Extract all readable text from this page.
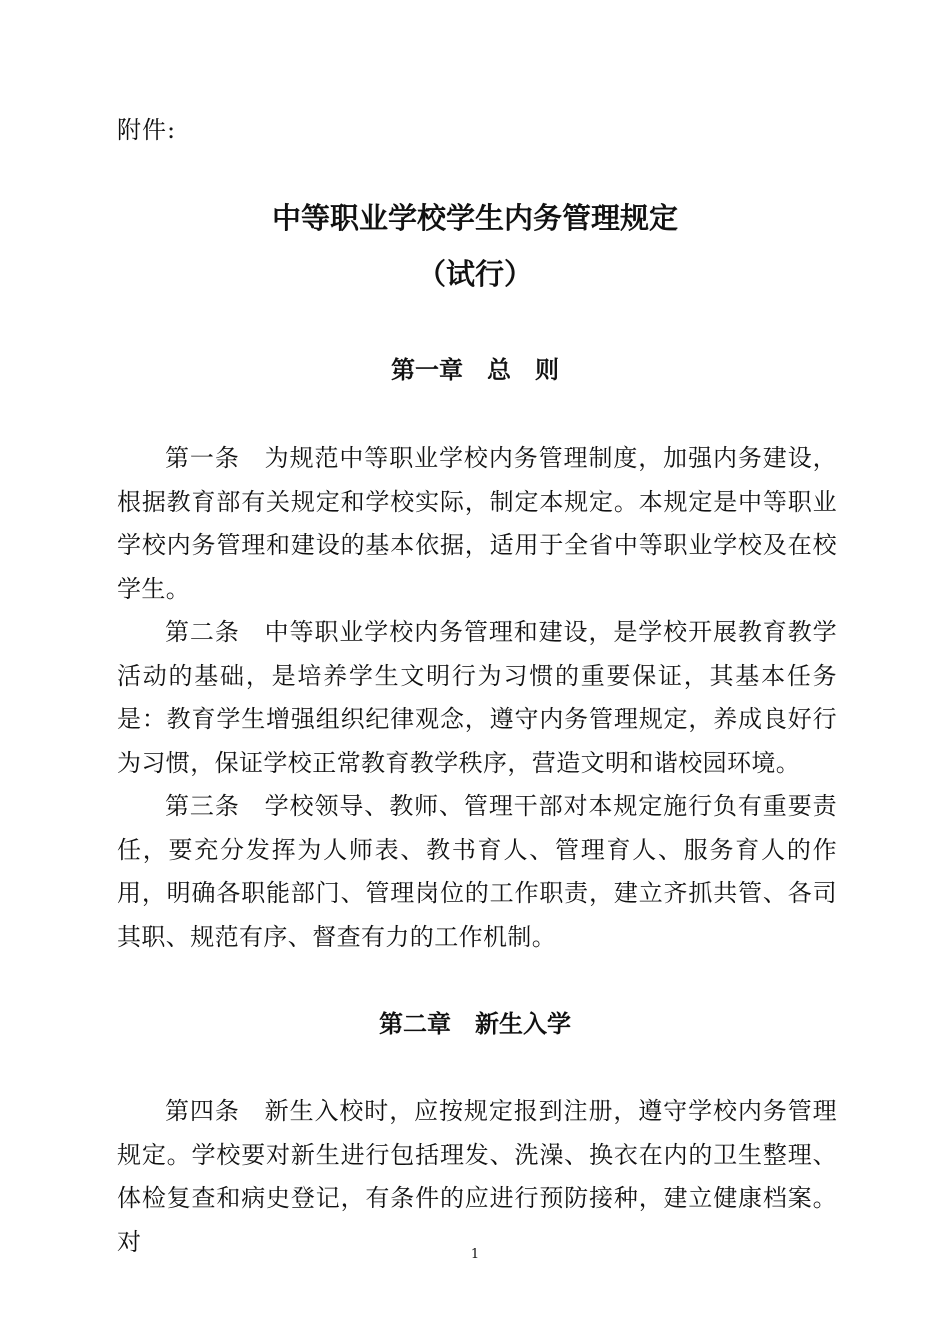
附件:
中等职业学校学生内务管理规定
（试行）
第一章　总　则

第一条　 为规范中等职业学校内务管理制度，加强内务建设，根据教育部有关规定和学校实际，制定本规定。本规定是中等职业学校内务管理和建设的基本依据，适用于全省中等职业学校及在校学生。

第二条　 中等职业学校内务管理和建设，是学校开展教育教学活动的基础，是培养学生文明行为习惯的重要保证，其基本任务是：教育学生增强组织纪律观念，遵守内务管理规定，养成良好行为习惯，保证学校正常教育教学秩序，营造文明和谐校园环境。

第三条　 学校领导、教师、管理干部对本规定施行负有重要责任，要充分发挥为人师表、教书育人、管理育人、服务育人的作用，明确各职能部门、管理岗位的工作职责，建立齐抓共管、各司其职、规范有序、督查有力的工作机制。

第二章　新生入学

第四条　 新生入校时，应按规定报到注册，遵守学校内务管理规定。学校要对新生进行包括理发、洗澡、换衣在内的卫生整理、体检复查和病史登记，有条件的应进行预防接种，建立健康档案。对	1
